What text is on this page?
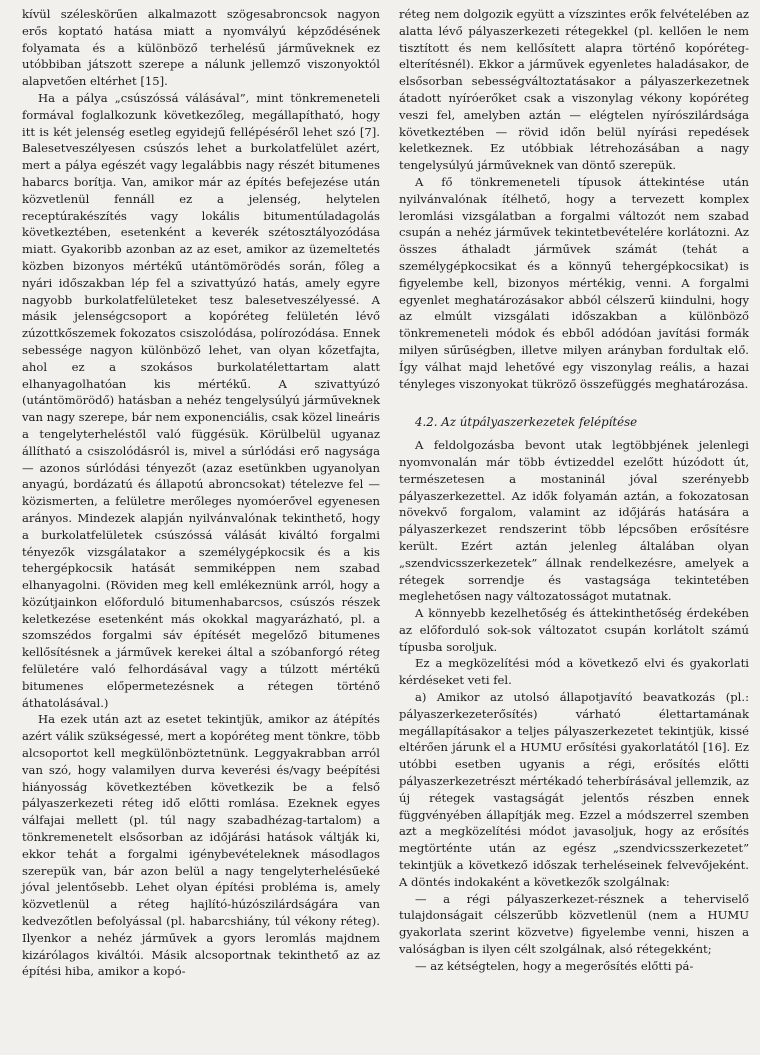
kívül széleskörűen alkalmazott szögesabroncsok nagyon erős koptató hatása miatt a nyomvályú képződésének folyamata és a különböző terhelésű járműveknek ez utóbbiban játszott szerepe a nálunk jellemző viszonyoktól alapvetően eltérhet [15].

Ha a pálya „csúszóssá válásával”, mint tönkremeneteli formával foglalkozunk következőleg, megállapítható, hogy itt is két jelenség esetleg egyidejű fellépéséről lehet szó [7]. Balesetveszélyesen csúszós lehet a burkolatfelület azért, mert a pálya egészét vagy legalábbis nagy részét bitumenes habarcs borítja. Van, amikor már az építés befejezése után közvetlenül fennáll ez a jelenség, helytelen receptúrakészítés vagy lokális bitumentúladagolás következtében, esetenként a keverék szétosztályozódása miatt. Gyakoribb azonban az az eset, amikor az üzemeltetés közben bizonyos mértékű utántömörödés során, főleg a nyári időszakban lép fel a szivattyúzó hatás, amely egyre nagyobb burkolatfelületeket tesz balesetveszélyessé. A másik jelenségcsoport a kopóréteg felületén lévő zúzottkőszemek fokozatos csiszolódása, polírozódása. Ennek sebessége nagyon különböző lehet, van olyan kőzetfajta, ahol ez a szokásos burkolatélettartam alatt elhanyagolhatóan kis mértékű. A szivattyúzó (utántömörödő) hatásban a nehéz tengelysúlyú járműveknek van nagy szerepe, bár nem exponenciális, csak közel lineáris a tengelyterheléstől való függésük. Körülbelül ugyanaz állítható a csiszolódásról is, mivel a súrlódási erő nagysága — azonos súrlódási tényezőt (azaz esetünkben ugyanolyan anyagú, bordázatú és állapotú abroncsokat) tételezve fel — közismerten, a felületre merőleges nyomóerővel egyenesen arányos. Mindezek alapján nyilvánvalónak tekinthető, hogy a burkolatfelületek csúszóssá válását kiváltó forgalmi tényezők vizsgálatakor a személygépkocsik és a kis tehergépkocsik hatását semmiképpen nem szabad elhanyagolni. (Röviden meg kell emlékeznünk arról, hogy a közútjainkon előforduló bitumenhabarcsos, csúszós részek keletkezése esetenként más okokkal magyarázható, pl. a szomszédos forgalmi sáv építését megelőző bitumenes kellősítésnek a járművek kerekei által a szóbanforgó réteg felületére való felhordásával vagy a túlzott mértékű bitumenes előpermetezésnek a rétegen történő áthatolásával.)

Ha ezek után azt az esetet tekintjük, amikor az átépítés azért válik szükségessé, mert a kopóréteg ment tönkre, több alcsoportot kell megkülönböztetnünk. Leggyakrabban arról van szó, hogy valamilyen durva keverési és/vagy beépítési hiányosság következtében következik be a felső pályaszerkezeti réteg idő előtti romlása. Ezeknek egyes válfajai mellett (pl. túl nagy szabadhézag-tartalom) a tönkremenetelt elsősorban az időjárási hatások váltják ki, ekkor tehát a forgalmi igénybevételeknek másodlagos szerepük van, bár azon belül a nagy tengelyterhelésűeké jóval jelentősebb. Lehet olyan építési probléma is, amely közvetlenül a réteg hajlító-húzószilárdságára van kedvezőtlen befolyással (pl. habarcshiány, túl vékony réteg). Ilyenkor a nehéz járművek a gyors leromlás majdnem kizárólagos kiváltói. Másik alcsoportnak tekinthető az az építési hiba, amikor a kopó-

réteg nem dolgozik együtt a vízszintes erők felvételében az alatta lévő pályaszerkezeti rétegekkel (pl. kellően le nem tisztított és nem kellősített alapra történő kopóréteg-elterítésnél). Ekkor a járművek egyenletes haladásakor, de elsősorban sebességváltoztatásakor a pályaszerkezetnek átadott nyíróerőket csak a viszonylag vékony kopóréteg veszi fel, amelyben aztán — elégtelen nyírószilárdsága következtében — rövid időn belül nyírási repedések keletkeznek. Ez utóbbiak létrehozásában a nagy tengelysúlyú járműveknek van döntő szerepük.

A fő tönkremeneteli típusok áttekintése után nyilvánvalónak ítélhető, hogy a tervezett komplex leromlási vizsgálatban a forgalmi változót nem szabad csupán a nehéz járművek tekintetbevételére korlátozni. Az összes áthaladt járművek számát (tehát a személygépkocsikat és a könnyű tehergépkocsikat) is figyelembe kell, bizonyos mértékig, venni. A forgalmi egyenlet meghatározásakor abból célszerű kiindulni, hogy az elmúlt vizsgálati időszakban a különböző tönkremeneteli módok és ebből adódóan javítási formák milyen sűrűségben, illetve milyen arányban fordultak elő. Így válhat majd lehetővé egy viszonylag reális, a hazai tényleges viszonyokat tükröző összefüggés meghatározása.

4.2. Az útpályaszerkezetek felépítése

A feldolgozásba bevont utak legtöbbjének jelenlegi nyomvonalán már több évtizeddel ezelőtt húzódott út, természetesen a mostaninál jóval szerényebb pályaszerkezettel. Az idők folyamán aztán, a fokozatosan növekvő forgalom, valamint az időjárás hatására a pályaszerkezet rendszerint több lépcsőben erősítésre került. Ezért aztán jelenleg általában olyan „szendvicsszerkezetek” állnak rendelkezésre, amelyek a rétegek sorrendje és vastagsága tekintetében meglehetősen nagy változatosságot mutatnak.

A könnyebb kezelhetőség és áttekinthetőség érdekében az előforduló sok-sok változatot csupán korlátolt számú típusba soroljuk.

Ez a megközelítési mód a következő elvi és gyakorlati kérdéseket veti fel.

a) Amikor az utolsó állapotjavító beavatkozás (pl.: pályaszerkezeterősítés) várható élettartamának megállapításakor a teljes pályaszerkezetet tekintjük, kissé eltérően járunk el a HUMU erősítési gyakorlatától [16]. Ez utóbbi esetben ugyanis a régi, erősítés előtti pályaszerkezetrészt mértékadó teherbírásával jellemzik, az új rétegek vastagságát jelentős részben ennek függvényében állapítják meg. Ezzel a módszerrel szemben azt a megközelítési módot javasoljuk, hogy az erősítés megtörténte után az egész „szendvicsszerkezetet” tekintjük a következő időszak terheléseinek felvevőjeként. A döntés indokaként a következők szolgálnak:

— a régi pályaszerkezet-résznek a teherviselő tulajdonságait célszerűbb közvetlenül (nem a HUMU gyakorlata szerint közvetve) figyelembe venni, hiszen a valóságban is ilyen célt szolgálnak, alsó rétegekként;

— az kétségtelen, hogy a megerősítés előtti pá-
